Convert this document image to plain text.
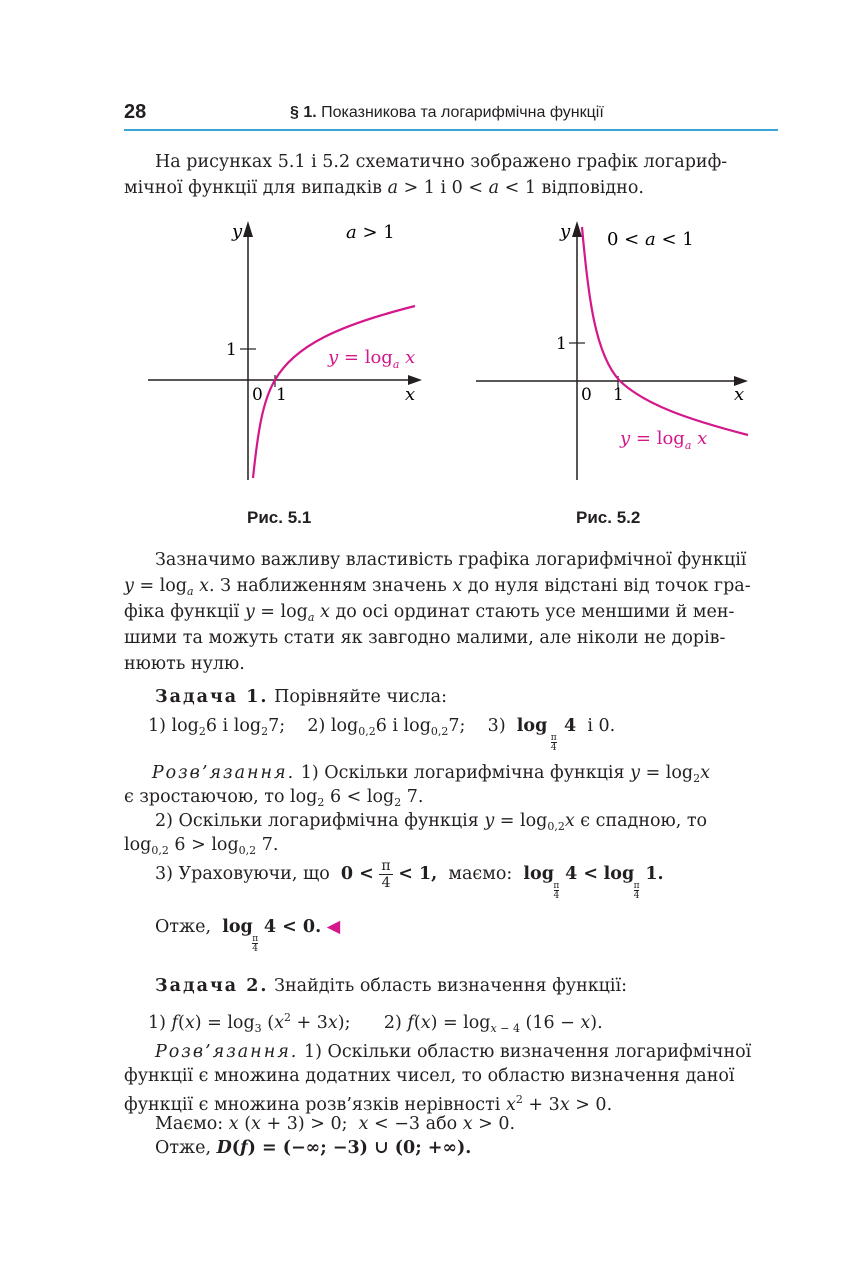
28	§ 1. Показникова та логарифмічна функції
На рисунках 5.1 і 5.2 схематично зображено графік логариф-
мічної функції для випадків a > 1 і 0 < a < 1 відповідно.
y	a > 1
1
0 1	x
$y = \log_a x$
Рис. 5.1
y 0 < a < 1
1
0 1	x
$y = \log_a x$
Рис. 5.2
Зазначимо важливу властивість графіка логарифмічної функції
$y = \log_a x$. З наближенням значень x до нуля відстані від точок гра-
фіка функції $y = \log_a x$ до осі ординат стають усе меншими й мен-
шими та можуть стати як завгодно малими, але ніколи не дорів-
нюють нулю.
Задача 1. Порівняйте числа:
1) $\log_26$ і $\log_27$;    2) $\log_{0,2}6$ і $\log_{0,2}7$;    3)  log
π
4
4  і 0.
Розв’язання. 1) Оскільки логарифмічна функція $y = \log_2x$
є зростаючою, то $\log_2 6 < \log_2 7$.
2) Оскільки логарифмічна функція $y = \log_{0,2}x$ є спадною, то
$\log_{0,2} 6 > \log_{0,2} 7$.
3) Ураховуючи, що  $0 < \frac{\pi}{4} < 1$, маємо: log
π
4
4 < log
π
4
1.
Отже, log
π
4
4 < 0. ◀
Задача 2. Знайдіть область визначення функції:
1) $f(x) = \log_3 (x^2 + 3x)$;      2) $f(x) = \log_{x - 4} (16 - x)$.
Розв’язання. 1) Оскільки областю визначення логарифмічної
функції є множина додатних чисел, то областю визначення даної
функції є множина розв’язків нерівності $x^2 + 3x > 0$.
Маємо: x (x + 3) > 0;  x < −3 або x > 0.
Отже, D(f) = (−∞; −3) ∪ (0; +∞).
